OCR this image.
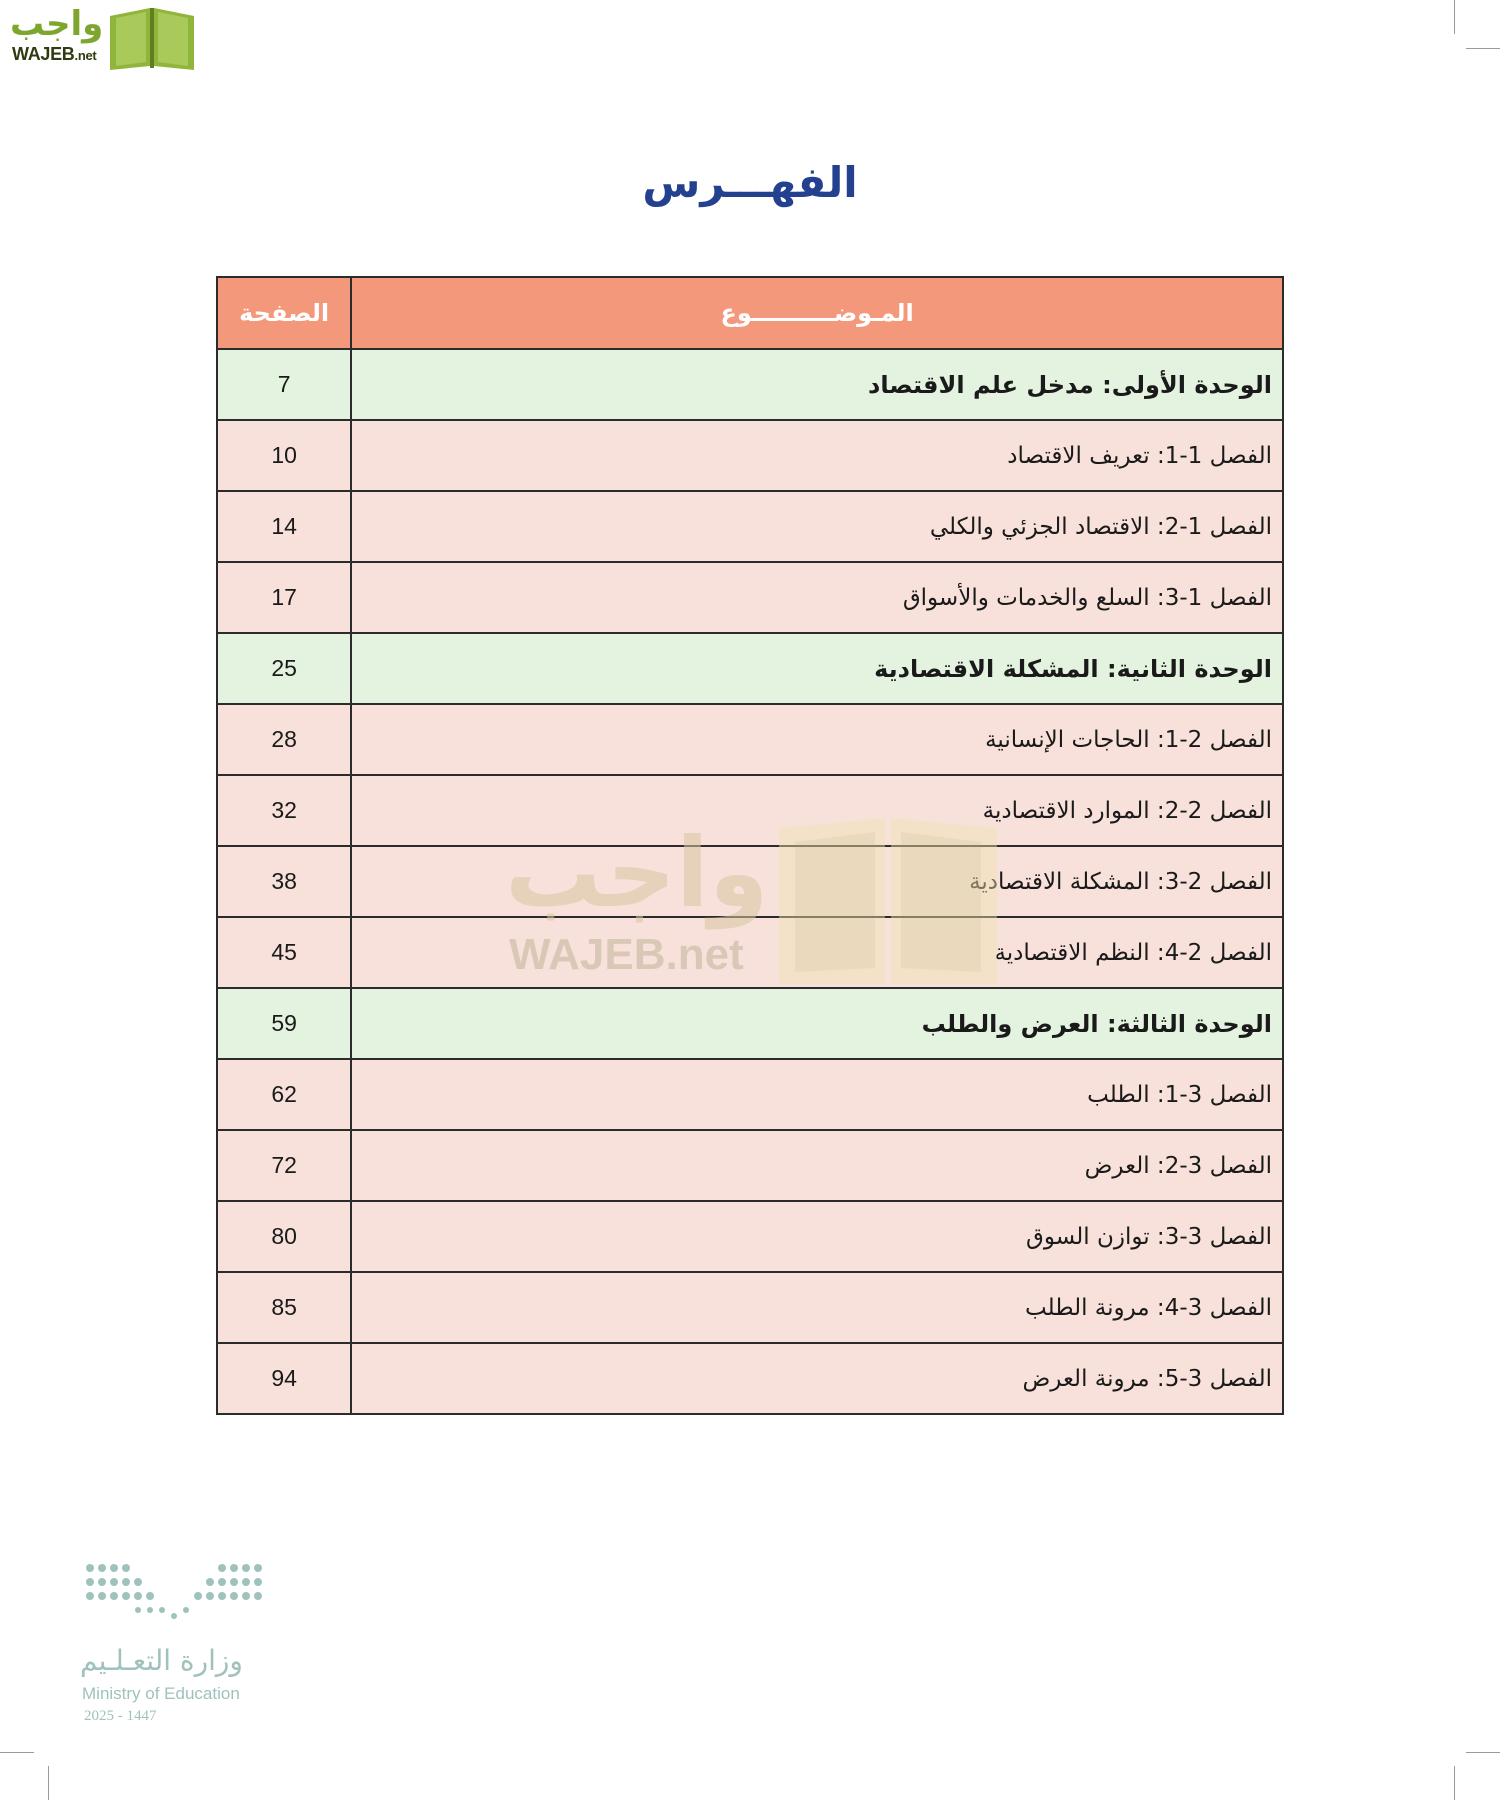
واجب
WAJEB.net
الفهـــرس
المـوضــــــــــوع	الصفحة
الوحدة الأولى: مدخل علم الاقتصاد	7
الفصل 1-1: تعريف الاقتصاد	10
الفصل 1-2: الاقتصاد الجزئي والكلي	14
الفصل 1-3: السلع والخدمات والأسواق	17
الوحدة الثانية: المشكلة الاقتصادية	25
الفصل 2-1: الحاجات الإنسانية	28
الفصل 2-2: الموارد الاقتصادية	32
الفصل 2-3: المشكلة الاقتصادية	38
الفصل 2-4: النظم الاقتصادية	45
الوحدة الثالثة: العرض والطلب	59
الفصل 3-1: الطلب	62
الفصل 3-2: العرض	72
الفصل 3-3: توازن السوق	80
الفصل 3-4: مرونة الطلب	85
الفصل 3-5: مرونة العرض	94
واجب
WAJEB.net
وزارة التعـلـيم
Ministry of Education
2025 - 1447
